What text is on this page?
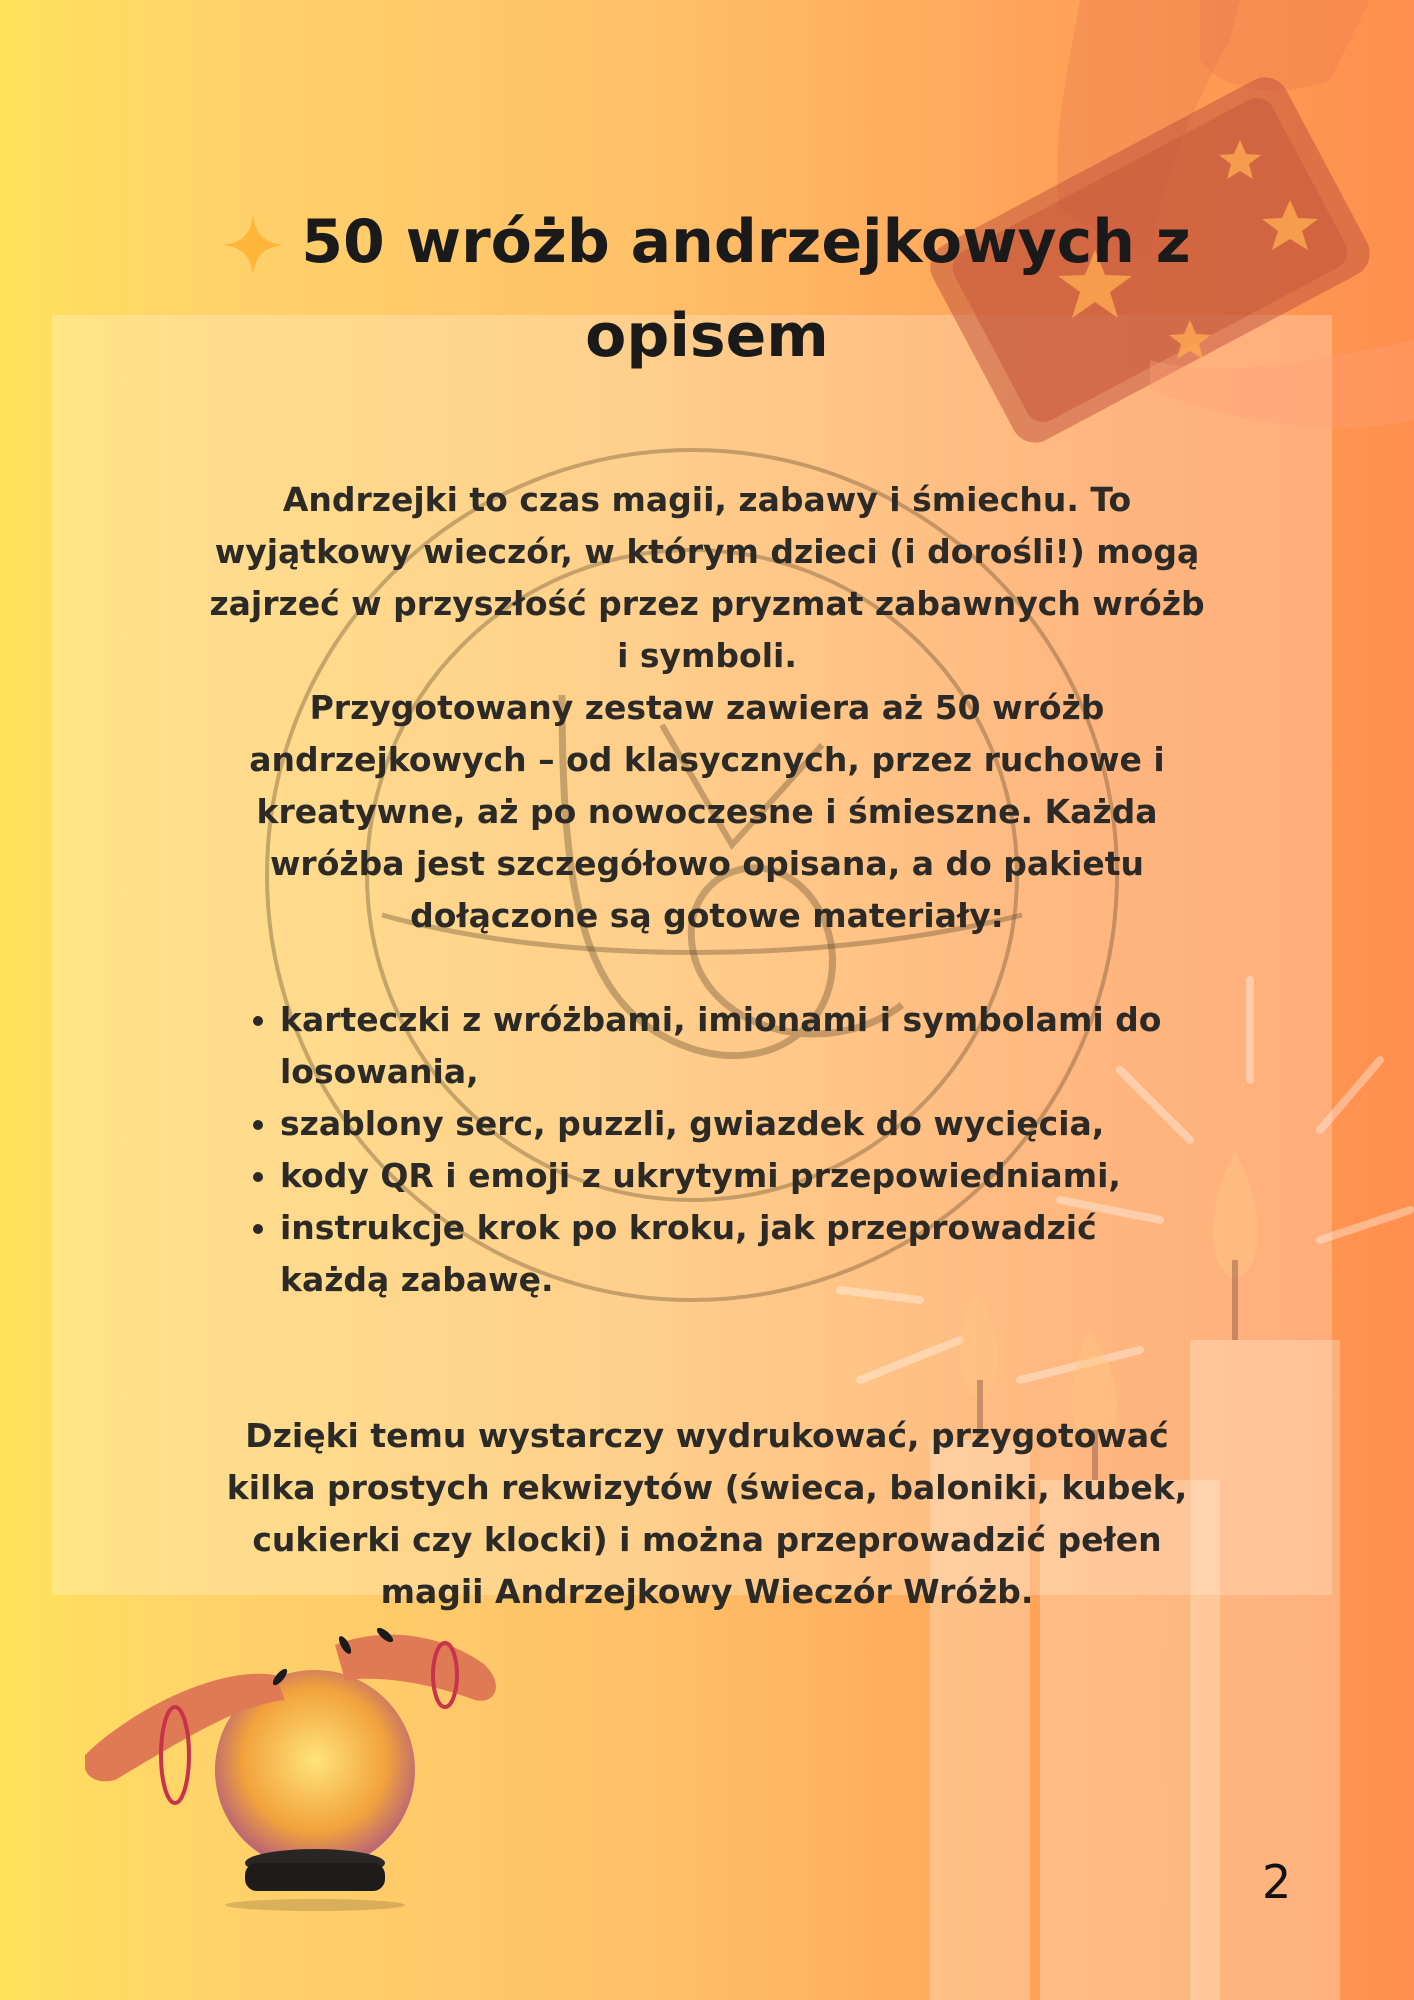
50 wróżb andrzejkowych z opisem

Andrzejki to czas magii, zabawy i śmiechu. To wyjątkowy wieczór, w którym dzieci (i dorośli!) mogą zajrzeć w przyszłość przez pryzmat zabawnych wróżb i symboli.

Przygotowany zestaw zawiera aż 50 wróżb andrzejkowych – od klasycznych, przez ruchowe i kreatywne, aż po nowoczesne i śmieszne. Każda wróżba jest szczegółowo opisana, a do pakietu dołączone są gotowe materiały:

• karteczki z wróżbami, imionami i symbolami do losowania,
• szablony serc, puzzli, gwiazdek do wycięcia,
• kody QR i emoji z ukrytymi przepowiedniami,
• instrukcje krok po kroku, jak przeprowadzić każdą zabawę.

Dzięki temu wystarczy wydrukować, przygotować kilka prostych rekwizytów (świeca, baloniki, kubek, cukierki czy klocki) i można przeprowadzić pełen magii Andrzejkowy Wieczór Wróżb.

2
